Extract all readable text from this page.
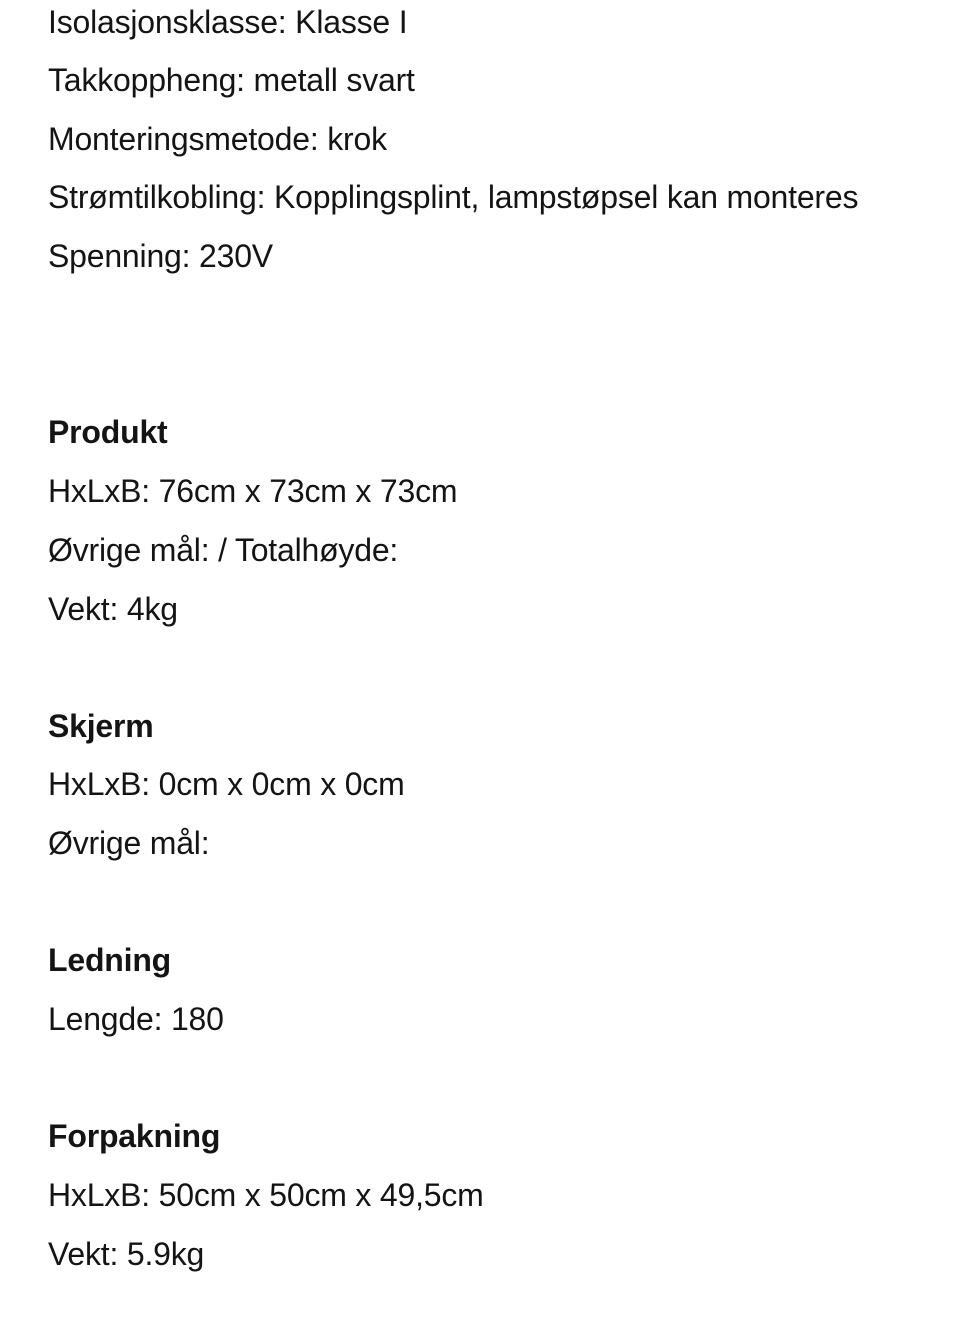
Isolasjonsklasse: Klasse I
Takkoppheng: metall svart
Monteringsmetode: krok
Strømtilkobling: Kopplingsplint, lampstøpsel kan monteres
Spenning: 230V
Produkt
HxLxB: 76cm x 73cm x 73cm
Øvrige mål: / Totalhøyde:
Vekt: 4kg
Skjerm
HxLxB: 0cm x 0cm x 0cm
Øvrige mål:
Ledning
Lengde: 180
Forpakning
HxLxB: 50cm x 50cm x 49,5cm
Vekt: 5.9kg
